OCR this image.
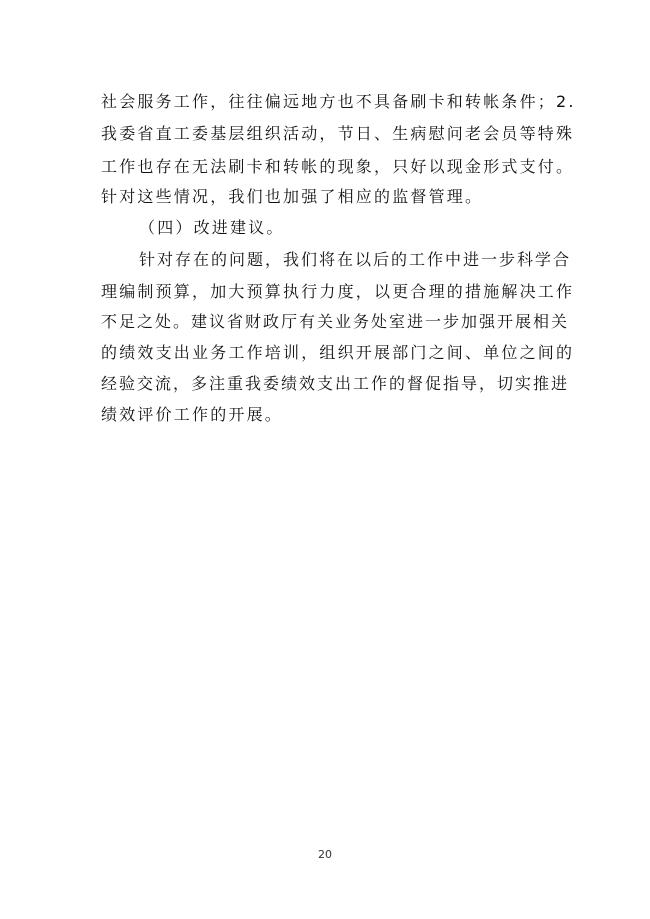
社会服务工作，往往偏远地方也不具备刷卡和转帐条件；2.
我委省直工委基层组织活动，节日、生病慰问老会员等特殊
工作也存在无法刷卡和转帐的现象，只好以现金形式支付。
针对这些情况，我们也加强了相应的监督管理。
（四）改进建议。
针对存在的问题，我们将在以后的工作中进一步科学合
理编制预算，加大预算执行力度，以更合理的措施解决工作
不足之处。建议省财政厅有关业务处室进一步加强开展相关
的绩效支出业务工作培训，组织开展部门之间、单位之间的
经验交流，多注重我委绩效支出工作的督促指导，切实推进
绩效评价工作的开展。
20
